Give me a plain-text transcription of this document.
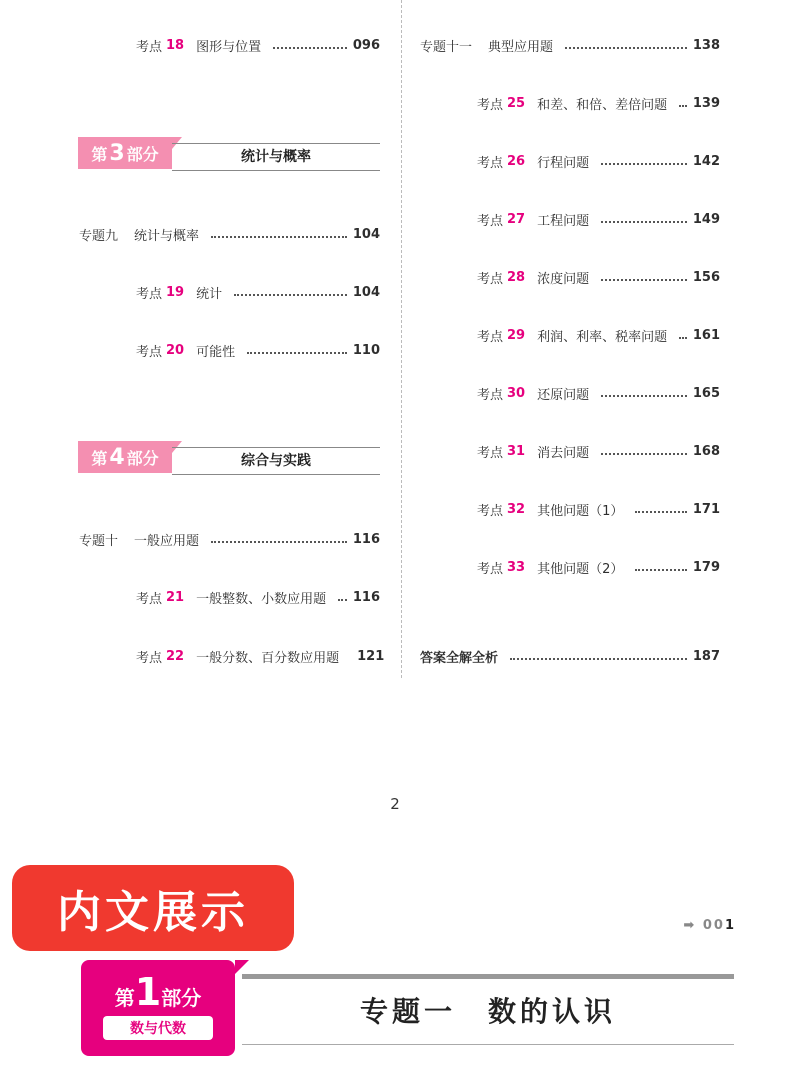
考点 18 图形与位置	096
第 3 部分	统计与概率
专题九 统计与概率	104
考点 19 统计	104
考点 20 可能性	110
第 4 部分	综合与实践
专题十 一般应用题	116
考点 21 一般整数、小数应用题 116
考点 22 一般分数、百分数应用题 121
专题十一 典型应用题	138
考点 25 和差、和倍、差倍问题 139
考点 26 行程问题	142
考点 27 工程问题	149
考点 28 浓度问题	156
考点 29 利润、利率、税率问题 161
考点 30 还原问题	165
考点 31 消去问题	168
考点 32 其他问题（1）	171
考点 33 其他问题（2）	179
答案全解全析	187
2
内文展示	➡ 001
第1部分
数与代数
专题一　数的认识
